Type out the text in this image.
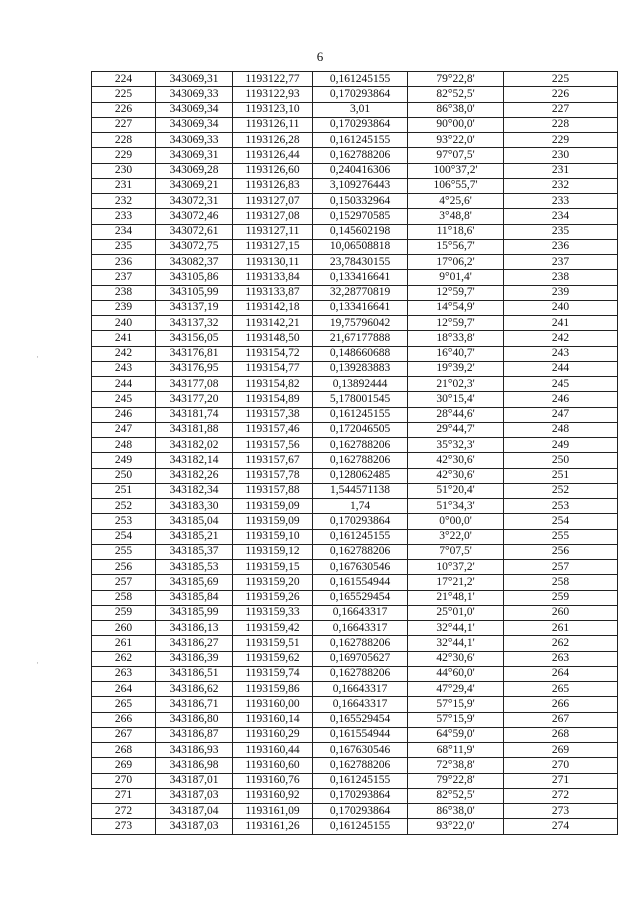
6
·
·
224	343069,31	1193122,77	0,161245155	79°22,8'	225
225	343069,33	1193122,93	0,170293864	82°52,5'	226
226	343069,34	1193123,10	3,01	86°38,0'	227
227	343069,34	1193126,11	0,170293864	90°00,0'	228
228	343069,33	1193126,28	0,161245155	93°22,0'	229
229	343069,31	1193126,44	0,162788206	97°07,5'	230
230	343069,28	1193126,60	0,240416306	100°37,2'	231
231	343069,21	1193126,83	3,109276443	106°55,7'	232
232	343072,31	1193127,07	0,150332964	4°25,6'	233
233	343072,46	1193127,08	0,152970585	3°48,8'	234
234	343072,61	1193127,11	0,145602198	11°18,6'	235
235	343072,75	1193127,15	10,06508818	15°56,7'	236
236	343082,37	1193130,11	23,78430155	17°06,2'	237
237	343105,86	1193133,84	0,133416641	9°01,4'	238
238	343105,99	1193133,87	32,28770819	12°59,7'	239
239	343137,19	1193142,18	0,133416641	14°54,9'	240
240	343137,32	1193142,21	19,75796042	12°59,7'	241
241	343156,05	1193148,50	21,67177888	18°33,8'	242
242	343176,81	1193154,72	0,148660688	16°40,7'	243
243	343176,95	1193154,77	0,139283883	19°39,2'	244
244	343177,08	1193154,82	0,13892444	21°02,3'	245
245	343177,20	1193154,89	5,178001545	30°15,4'	246
246	343181,74	1193157,38	0,161245155	28°44,6'	247
247	343181,88	1193157,46	0,172046505	29°44,7'	248
248	343182,02	1193157,56	0,162788206	35°32,3'	249
249	343182,14	1193157,67	0,162788206	42°30,6'	250
250	343182,26	1193157,78	0,128062485	42°30,6'	251
251	343182,34	1193157,88	1,544571138	51°20,4'	252
252	343183,30	1193159,09	1,74	51°34,3'	253
253	343185,04	1193159,09	0,170293864	0°00,0'	254
254	343185,21	1193159,10	0,161245155	3°22,0'	255
255	343185,37	1193159,12	0,162788206	7°07,5'	256
256	343185,53	1193159,15	0,167630546	10°37,2'	257
257	343185,69	1193159,20	0,161554944	17°21,2'	258
258	343185,84	1193159,26	0,165529454	21°48,1'	259
259	343185,99	1193159,33	0,16643317	25°01,0'	260
260	343186,13	1193159,42	0,16643317	32°44,1'	261
261	343186,27	1193159,51	0,162788206	32°44,1'	262
262	343186,39	1193159,62	0,169705627	42°30,6'	263
263	343186,51	1193159,74	0,162788206	44°60,0'	264
264	343186,62	1193159,86	0,16643317	47°29,4'	265
265	343186,71	1193160,00	0,16643317	57°15,9'	266
266	343186,80	1193160,14	0,165529454	57°15,9'	267
267	343186,87	1193160,29	0,161554944	64°59,0'	268
268	343186,93	1193160,44	0,167630546	68°11,9'	269
269	343186,98	1193160,60	0,162788206	72°38,8'	270
270	343187,01	1193160,76	0,161245155	79°22,8'	271
271	343187,03	1193160,92	0,170293864	82°52,5'	272
272	343187,04	1193161,09	0,170293864	86°38,0'	273
273	343187,03	1193161,26	0,161245155	93°22,0'	274
